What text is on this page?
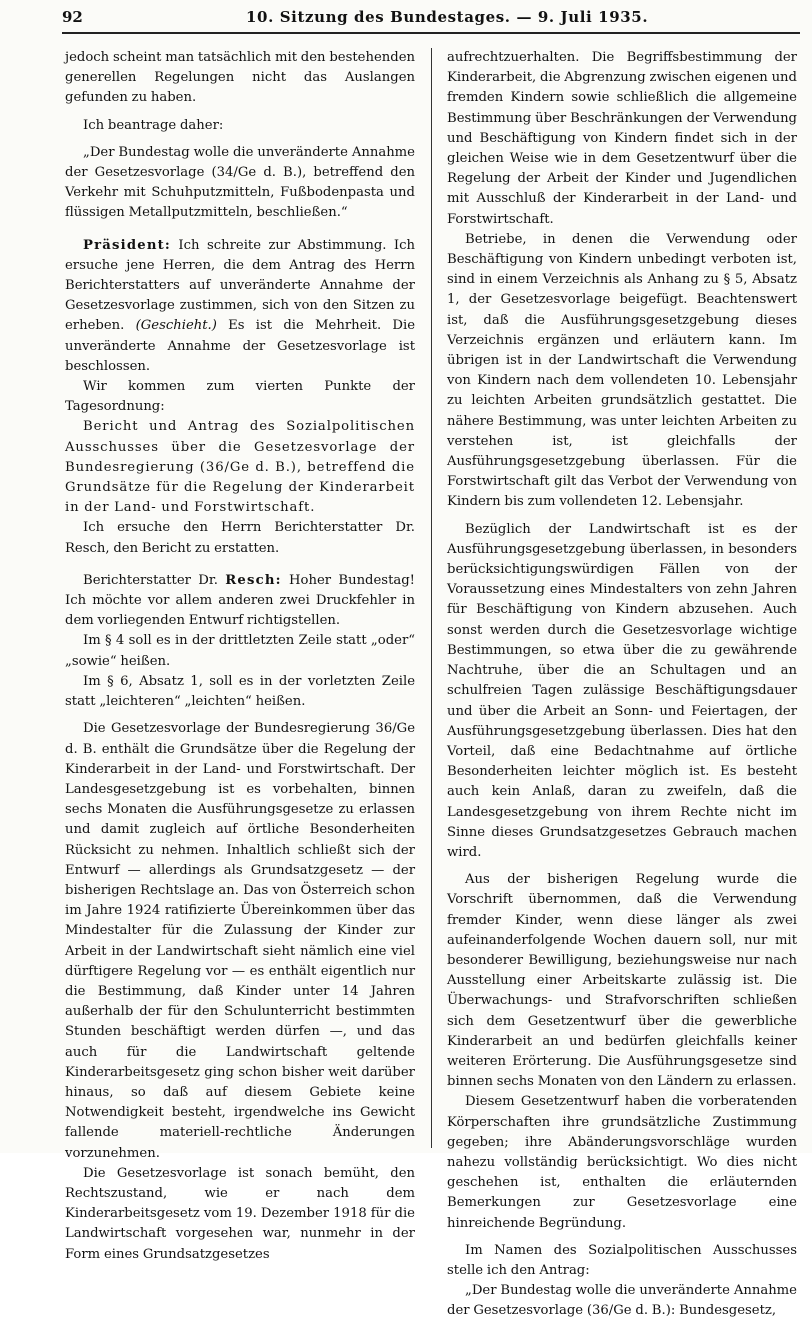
92	10. Sitzung des Bundestages. — 9. Juli 1935.

jedoch scheint man tatsächlich mit den bestehenden generellen Regelungen nicht das Auslangen gefunden zu haben.

Ich beantrage daher:

„Der Bundestag wolle die unveränderte Annahme der Gesetzesvorlage (34/Ge d. B.), betreffend den Verkehr mit Schuhputzmitteln, Fußbodenpasta und flüssigen Metallputzmitteln, beschließen.“

Präsident: Ich schreite zur Abstimmung. Ich ersuche jene Herren, die dem Antrag des Herrn Berichterstatters auf unveränderte Annahme der Gesetzesvorlage zustimmen, sich von den Sitzen zu erheben. (Geschieht.) Es ist die Mehrheit. Die unveränderte Annahme der Gesetzesvorlage ist beschlossen.

Wir kommen zum vierten Punkte der Tagesordnung:

Bericht und Antrag des Sozialpolitischen Ausschusses über die Gesetzesvorlage der Bundesregierung (36/Ge d. B.), betreffend die Grundsätze für die Regelung der Kinderarbeit in der Land- und Forstwirtschaft.

Ich ersuche den Herrn Berichterstatter Dr. Resch, den Bericht zu erstatten.

Berichterstatter Dr. Resch: Hoher Bundestag! Ich möchte vor allem anderen zwei Druckfehler in dem vorliegenden Entwurf richtigstellen.

Im § 4 soll es in der drittletzten Zeile statt „oder“ „sowie“ heißen.

Im § 6, Absatz 1, soll es in der vorletzten Zeile statt „leichteren“ „leichten“ heißen.

Die Gesetzesvorlage der Bundesregierung 36/Ge d. B. enthält die Grundsätze über die Regelung der Kinderarbeit in der Land- und Forstwirtschaft. Der Landesgesetzgebung ist es vorbehalten, binnen sechs Monaten die Ausführungsgesetze zu erlassen und damit zugleich auf örtliche Besonderheiten Rücksicht zu nehmen. Inhaltlich schließt sich der Entwurf — allerdings als Grundsatzgesetz — der bisherigen Rechtslage an. Das von Österreich schon im Jahre 1924 ratifizierte Übereinkommen über das Mindestalter für die Zulassung der Kinder zur Arbeit in der Landwirtschaft sieht nämlich eine viel dürftigere Regelung vor — es enthält eigentlich nur die Bestimmung, daß Kinder unter 14 Jahren außerhalb der für den Schulunterricht bestimmten Stunden beschäftigt werden dürfen —, und das auch für die Landwirtschaft geltende Kinderarbeitsgesetz ging schon bisher weit darüber hinaus, so daß auf diesem Gebiete keine Notwendigkeit besteht, irgendwelche ins Gewicht fallende materiell-rechtliche Änderungen vorzunehmen.

Die Gesetzesvorlage ist sonach bemüht, den Rechtszustand, wie er nach dem Kinderarbeitsgesetz vom 19. Dezember 1918 für die Landwirtschaft vorgesehen war, nunmehr in der Form eines Grundsatzgesetzes

aufrechtzuerhalten. Die Begriffsbestimmung der Kinderarbeit, die Abgrenzung zwischen eigenen und fremden Kindern sowie schließlich die allgemeine Bestimmung über Beschränkungen der Verwendung und Beschäftigung von Kindern findet sich in der gleichen Weise wie in dem Gesetzentwurf über die Regelung der Arbeit der Kinder und Jugendlichen mit Ausschluß der Kinderarbeit in der Land- und Forstwirtschaft.

Betriebe, in denen die Verwendung oder Beschäftigung von Kindern unbedingt verboten ist, sind in einem Verzeichnis als Anhang zu § 5, Absatz 1, der Gesetzesvorlage beigefügt. Beachtenswert ist, daß die Ausführungsgesetzgebung dieses Verzeichnis ergänzen und erläutern kann. Im übrigen ist in der Landwirtschaft die Verwendung von Kindern nach dem vollendeten 10. Lebensjahr zu leichten Arbeiten grundsätzlich gestattet. Die nähere Bestimmung, was unter leichten Arbeiten zu verstehen ist, ist gleichfalls der Ausführungsgesetzgebung überlassen. Für die Forstwirtschaft gilt das Verbot der Verwendung von Kindern bis zum vollendeten 12. Lebensjahr.

Bezüglich der Landwirtschaft ist es der Ausführungsgesetzgebung überlassen, in besonders berücksichtigungswürdigen Fällen von der Voraussetzung eines Mindestalters von zehn Jahren für Beschäftigung von Kindern abzusehen. Auch sonst werden durch die Gesetzesvorlage wichtige Bestimmungen, so etwa über die zu gewährende Nachtruhe, über die an Schultagen und an schulfreien Tagen zulässige Beschäftigungsdauer und über die Arbeit an Sonn- und Feiertagen, der Ausführungsgesetzgebung überlassen. Dies hat den Vorteil, daß eine Bedachtnahme auf örtliche Besonderheiten leichter möglich ist. Es besteht auch kein Anlaß, daran zu zweifeln, daß die Landesgesetzgebung von ihrem Rechte nicht im Sinne dieses Grundsatzgesetzes Gebrauch machen wird.

Aus der bisherigen Regelung wurde die Vorschrift übernommen, daß die Verwendung fremder Kinder, wenn diese länger als zwei aufeinanderfolgende Wochen dauern soll, nur mit besonderer Bewilligung, beziehungsweise nur nach Ausstellung einer Arbeitskarte zulässig ist. Die Überwachungs- und Strafvorschriften schließen sich dem Gesetzentwurf über die gewerbliche Kinderarbeit an und bedürfen gleichfalls keiner weiteren Erörterung. Die Ausführungsgesetze sind binnen sechs Monaten von den Ländern zu erlassen.

Diesem Gesetzentwurf haben die vorberatenden Körperschaften ihre grundsätzliche Zustimmung gegeben; ihre Abänderungsvorschläge wurden nahezu vollständig berücksichtigt. Wo dies nicht geschehen ist, enthalten die erläuternden Bemerkungen zur Gesetzesvorlage eine hinreichende Begründung.

Im Namen des Sozialpolitischen Ausschusses stelle ich den Antrag:

„Der Bundestag wolle die unveränderte Annahme der Gesetzesvorlage (36/Ge d. B.): Bundesgesetz,
